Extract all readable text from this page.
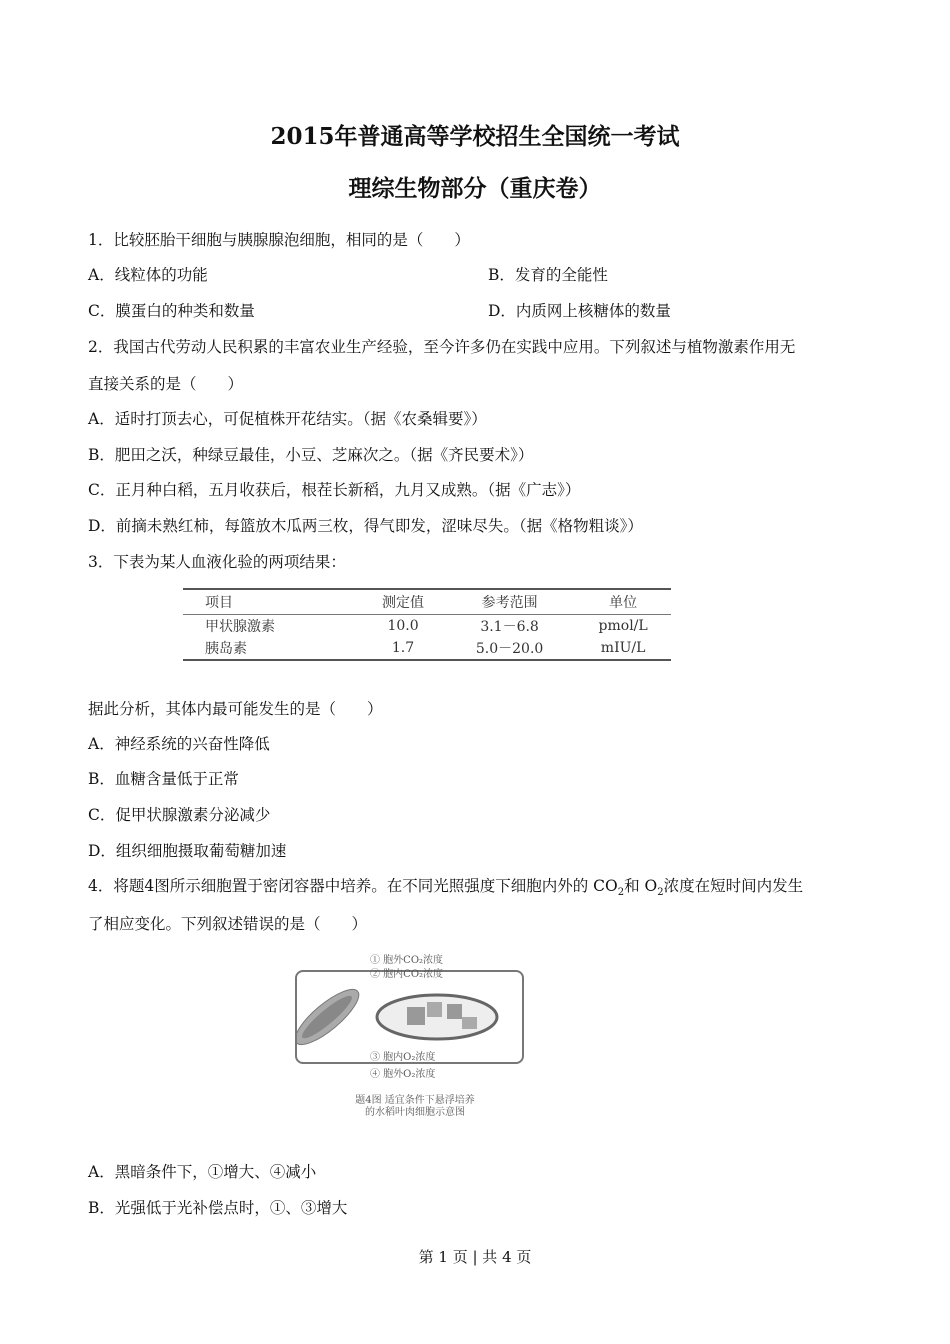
2015年普通高等学校招生全国统一考试
理综生物部分（重庆卷）
1．比较胚胎干细胞与胰腺腺泡细胞，相同的是（　　）
A．线粒体的功能	B．发育的全能性
C．膜蛋白的种类和数量	D．内质网上核糖体的数量
2．我国古代劳动人民积累的丰富农业生产经验，至今许多仍在实践中应用。下列叙述与植物激素作用无
直接关系的是（　　）
A．适时打顶去心，可促植株开花结实。（据《农桑辑要》）
B．肥田之沃，种绿豆最佳，小豆、芝麻次之。（据《齐民要术》）
C．正月种白稻，五月收获后，根茬长新稻，九月又成熟。（据《广志》）
D．前摘未熟红柿，每篮放木瓜两三枚，得气即发，涩味尽失。（据《格物粗谈》）
3．下表为某人血液化验的两项结果：
项目	测定值	参考范围	单位
甲状腺激素	10.0	3.1－6.8	pmol/L
胰岛素	1.7	5.0－20.0	mIU/L
据此分析，其体内最可能发生的是（　　）
A．神经系统的兴奋性降低
B．血糖含量低于正常
C．促甲状腺激素分泌减少
D．组织细胞摄取葡萄糖加速
4．将题4图所示细胞置于密闭容器中培养。在不同光照强度下细胞内外的 $CO_2$和 $O_2$浓度在短时间内发生
了相应变化。下列叙述错误的是（　　）
① 胞外CO₂浓度
② 胞内CO₂浓度
③ 胞内O₂浓度
④ 胞外O₂浓度
题4图 适宜条件下悬浮培养
的水稻叶肉细胞示意图
A．黑暗条件下，①增大、④减小
B．光强低于光补偿点时，①、③增大
第 1 页 | 共 4 页
